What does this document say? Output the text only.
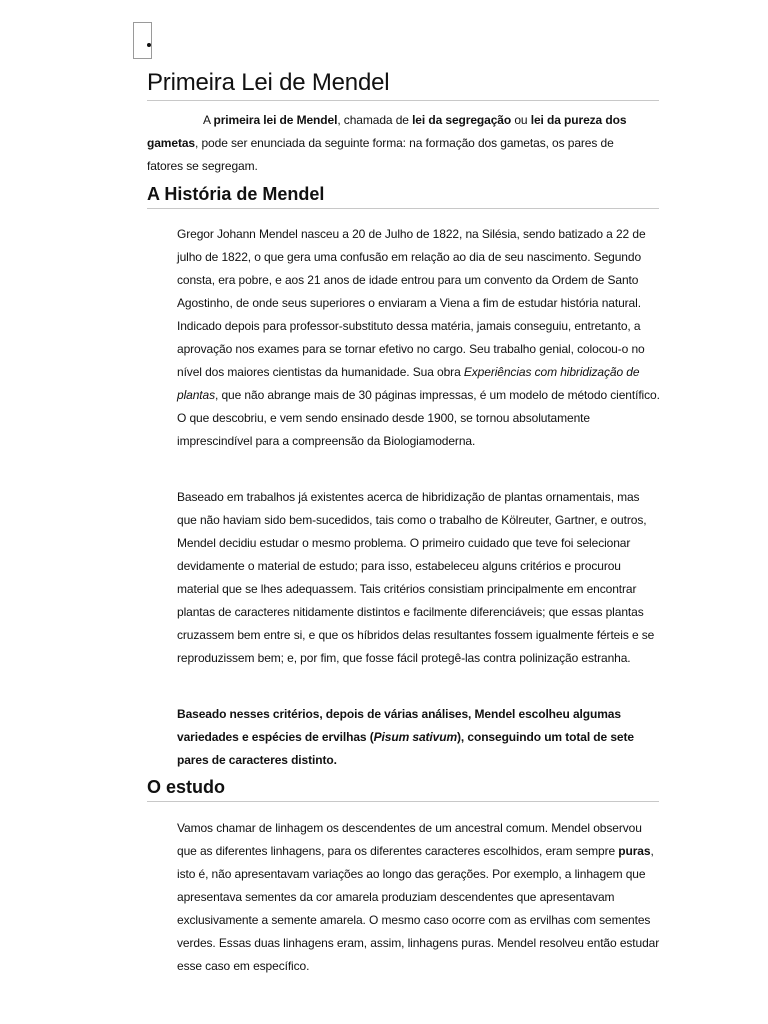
Primeira Lei de Mendel

A primeira lei de Mendel, chamada de lei da segregação ou lei da pureza dos gametas, pode ser enunciada da seguinte forma: na formação dos gametas, os pares de fatores se segregam.

A História de Mendel

Gregor Johann Mendel nasceu a 20 de Julho de 1822, na Silésia, sendo batizado a 22 de julho de 1822, o que gera uma confusão em relação ao dia de seu nascimento. Segundo consta, era pobre, e aos 21 anos de idade entrou para um convento da Ordem de Santo Agostinho, de onde seus superiores o enviaram a Viena a fim de estudar história natural. Indicado depois para professor-substituto dessa matéria, jamais conseguiu, entretanto, a aprovação nos exames para se tornar efetivo no cargo. Seu trabalho genial, colocou-o no nível dos maiores cientistas da humanidade. Sua obra Experiências com hibridização de plantas, que não abrange mais de 30 páginas impressas, é um modelo de método científico. O que descobriu, e vem sendo ensinado desde 1900, se tornou absolutamente imprescindível para a compreensão da Biologiamoderna.

Baseado em trabalhos já existentes acerca de hibridização de plantas ornamentais, mas que não haviam sido bem-sucedidos, tais como o trabalho de Kölreuter, Gartner, e outros, Mendel decidiu estudar o mesmo problema. O primeiro cuidado que teve foi selecionar devidamente o material de estudo; para isso, estabeleceu alguns critérios e procurou material que se lhes adequassem. Tais critérios consistiam principalmente em encontrar plantas de caracteres nitidamente distintos e facilmente diferenciáveis; que essas plantas cruzassem bem entre si, e que os híbridos delas resultantes fossem igualmente férteis e se reproduzissem bem; e, por fim, que fosse fácil protegê-las contra polinização estranha.

Baseado nesses critérios, depois de várias análises, Mendel escolheu algumas variedades e espécies de ervilhas (Pisum sativum), conseguindo um total de sete pares de caracteres distinto.

O estudo

Vamos chamar de linhagem os descendentes de um ancestral comum. Mendel observou que as diferentes linhagens, para os diferentes caracteres escolhidos, eram sempre puras, isto é, não apresentavam variações ao longo das gerações. Por exemplo, a linhagem que apresentava sementes da cor amarela produziam descendentes que apresentavam exclusivamente a semente amarela. O mesmo caso ocorre com as ervilhas com sementes verdes. Essas duas linhagens eram, assim, linhagens puras. Mendel resolveu então estudar esse caso em específico.
